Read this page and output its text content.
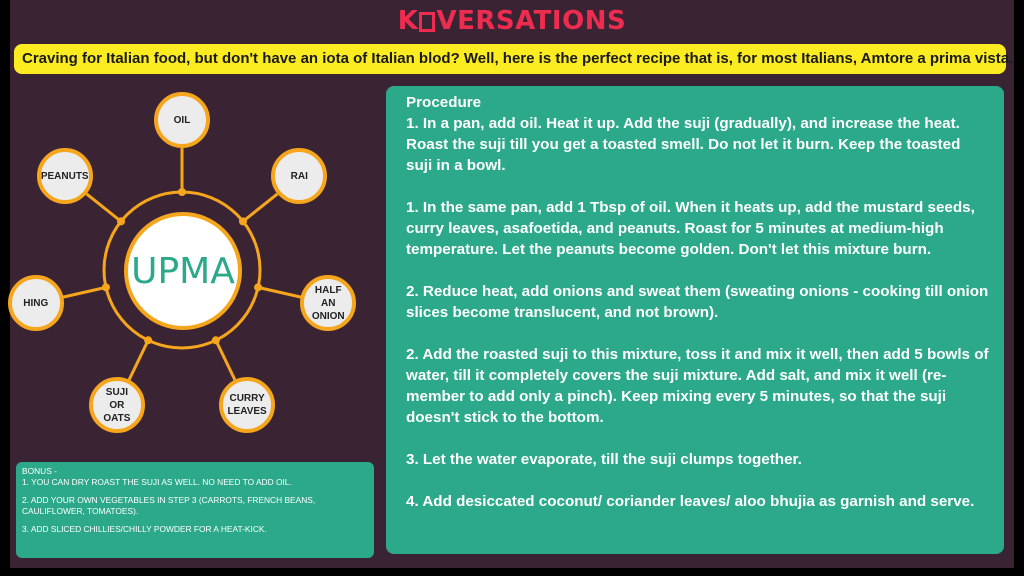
K VERSATIONS
Craving for Italian food, but don't have an iota of Italian blod? Well, here is the perfect recipe that is, for most Italians, Amtore a prima vista.
UPMA
OIL
RAI
HALF
AN
ONION
CURRY
LEAVES
SUJI
OR
OATS
HING
PEANUTS

BONUS -

1. YOU CAN DRY ROAST THE SUJI AS WELL. NO NEED TO ADD OIL.

2. ADD YOUR OWN VEGETABLES IN STEP 3 (CARROTS, FRENCH BEANS, CAULIFLOWER, TOMATOES).

3. ADD SLICED CHILLIES/CHILLY POWDER FOR A HEAT-KICK.

Procedure

1. In a pan, add oil. Heat it up. Add the suji (gradually), and increase the heat. Roast the suji till you get a toasted smell. Do not let it burn. Keep the toasted suji in a bowl.

1. In the same pan, add 1 Tbsp of oil. When it heats up, add the mustard seeds, curry leaves, asafoetida, and peanuts. Roast for 5 minutes at medium-high temperature. Let the peanuts become golden. Don't let this mixture burn.

2. Reduce heat, add onions and sweat them (sweating onions - cooking till onion slices become translucent, and not brown).

2. Add the roasted suji to this mixture, toss it and mix it well, then add 5 bowls of water, till it completely covers the suji mixture. Add salt, and mix it well (re-member to add only a pinch). Keep mixing every 5 minutes, so that the suji doesn't stick to the bottom.

3. Let the water evaporate, till the suji clumps together.

4. Add desiccated coconut/ coriander leaves/ aloo bhujia as garnish and serve.
